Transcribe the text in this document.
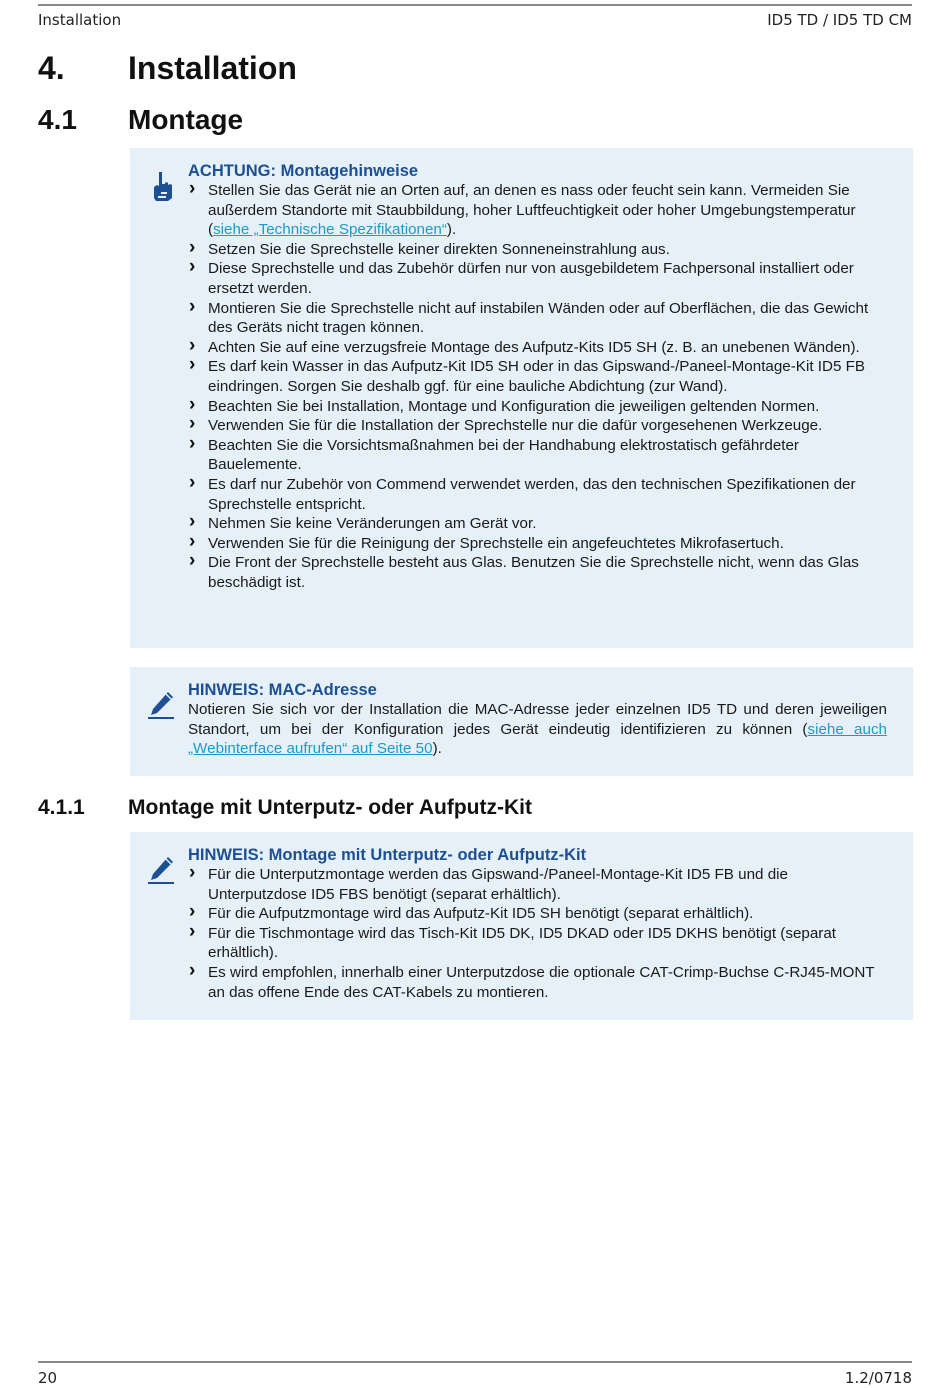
Installation	ID5 TD / ID5 TD CM
4. Installation
4.1 Montage
ACHTUNG: Montagehinweise
› Stellen Sie das Gerät nie an Orten auf, an denen es nass oder feucht sein kann. Vermeiden Sie außerdem Standorte mit Staubbildung, hoher Luftfeuchtigkeit oder hoher Umgebungstemperatur (siehe „Technische Spezifikationen“).
› Setzen Sie die Sprechstelle keiner direkten Sonneneinstrahlung aus.
› Diese Sprechstelle und das Zubehör dürfen nur von ausgebildetem Fachpersonal installiert oder ersetzt werden.
› Montieren Sie die Sprechstelle nicht auf instabilen Wänden oder auf Oberflächen, die das Gewicht des Geräts nicht tragen können.
› Achten Sie auf eine verzugsfreie Montage des Aufputz-Kits ID5 SH (z. B. an unebenen Wänden).
› Es darf kein Wasser in das Aufputz-Kit ID5 SH oder in das Gipswand-/Paneel-Montage-Kit ID5 FB eindringen. Sorgen Sie deshalb ggf. für eine bauliche Abdichtung (zur Wand).
› Beachten Sie bei Installation, Montage und Konfiguration die jeweiligen geltenden Normen.
› Verwenden Sie für die Installation der Sprechstelle nur die dafür vorgesehenen Werkzeuge.
› Beachten Sie die Vorsichtsmaßnahmen bei der Handhabung elektrostatisch gefährdeter Bauelemente.
› Es darf nur Zubehör von Commend verwendet werden, das den technischen Spezifikationen der Sprechstelle entspricht.
› Nehmen Sie keine Veränderungen am Gerät vor.
› Verwenden Sie für die Reinigung der Sprechstelle ein angefeuchtetes Mikrofasertuch.
› Die Front der Sprechstelle besteht aus Glas. Benutzen Sie die Sprechstelle nicht, wenn das Glas beschädigt ist.
HINWEIS: MAC-Adresse

Notieren Sie sich vor der Installation die MAC-Adresse jeder einzelnen ID5 TD und deren jeweiligen Standort, um bei der Konfiguration jedes Gerät eindeutig identifizieren zu können (siehe auch „Webinterface aufrufen“ auf Seite 50).

4.1.1 Montage mit Unterputz- oder Aufputz-Kit
HINWEIS: Montage mit Unterputz- oder Aufputz-Kit
› Für die Unterputzmontage werden das Gipswand-/Paneel-Montage-Kit ID5 FB und die Unterputzdose ID5 FBS benötigt (separat erhältlich).
› Für die Aufputzmontage wird das Aufputz-Kit ID5 SH benötigt (separat erhältlich).
› Für die Tischmontage wird das Tisch-Kit ID5 DK, ID5 DKAD oder ID5 DKHS benötigt (separat erhältlich).
› Es wird empfohlen, innerhalb einer Unterputzdose die optionale CAT-Crimp-Buchse C-RJ45-MONT an das offene Ende des CAT-Kabels zu montieren.
20	1.2/0718
